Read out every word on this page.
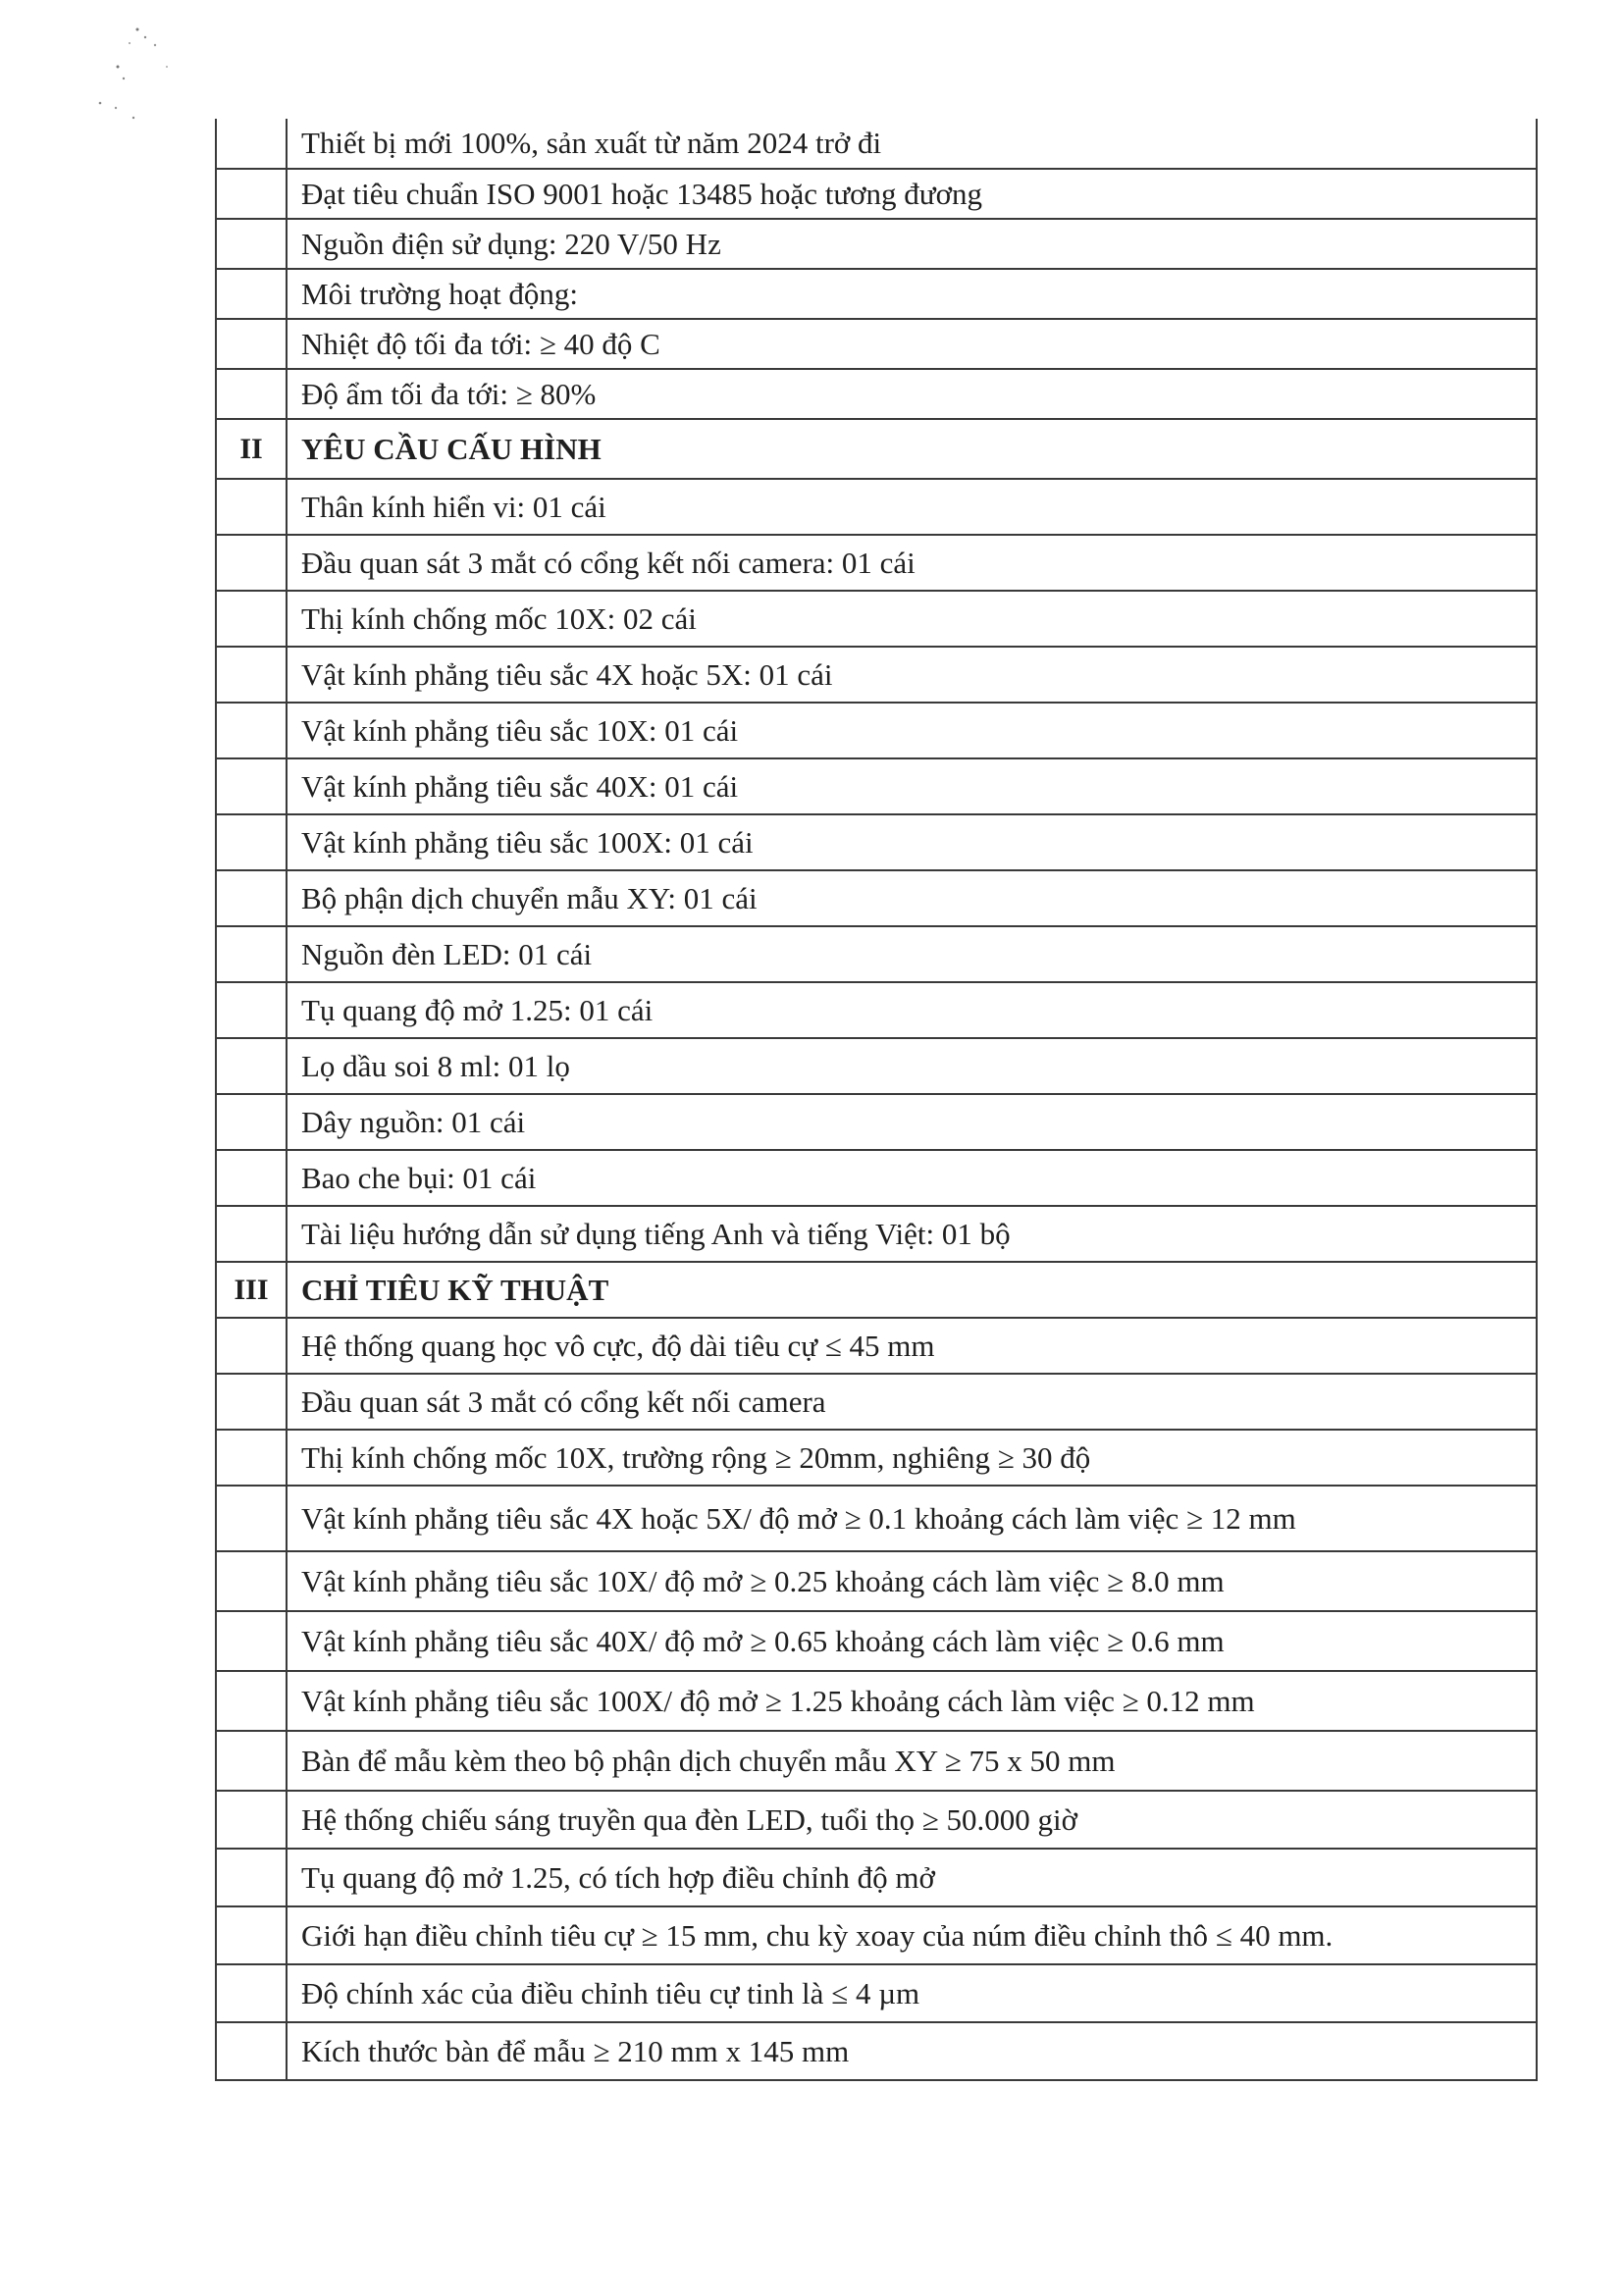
	Thiết bị mới 100%, sản xuất từ năm 2024 trở đi
	Đạt tiêu chuẩn ISO 9001 hoặc 13485 hoặc tương đương
	Nguồn điện sử dụng: 220 V/50 Hz
	Môi trường hoạt động:
	Nhiệt độ tối đa tới: ≥ 40 độ C
	Độ ẩm tối đa tới: ≥ 80%
II	YÊU CẦU CẤU HÌNH
	Thân kính hiển vi: 01 cái
	Đầu quan sát 3 mắt có cổng kết nối camera: 01 cái
	Thị kính chống mốc 10X: 02 cái
	Vật kính phẳng tiêu sắc 4X hoặc 5X: 01 cái
	Vật kính phẳng tiêu sắc 10X: 01 cái
	Vật kính phẳng tiêu sắc 40X: 01 cái
	Vật kính phẳng tiêu sắc 100X: 01 cái
	Bộ phận dịch chuyển mẫu XY: 01 cái
	Nguồn đèn LED: 01 cái
	Tụ quang độ mở 1.25: 01 cái
	Lọ dầu soi 8 ml: 01 lọ
	Dây nguồn: 01 cái
	Bao che bụi: 01 cái
	Tài liệu hướng dẫn sử dụng tiếng Anh và tiếng Việt: 01 bộ
III	CHỈ TIÊU KỸ THUẬT
	Hệ thống quang học vô cực, độ dài tiêu cự ≤ 45 mm
	Đầu quan sát 3 mắt có cổng kết nối camera
	Thị kính chống mốc 10X, trường rộng ≥ 20mm, nghiêng ≥ 30 độ
	Vật kính phẳng tiêu sắc 4X hoặc 5X/ độ mở ≥ 0.1 khoảng cách làm việc ≥ 12 mm
	Vật kính phẳng tiêu sắc 10X/ độ mở ≥ 0.25 khoảng cách làm việc ≥ 8.0 mm
	Vật kính phẳng tiêu sắc 40X/ độ mở ≥ 0.65 khoảng cách làm việc ≥ 0.6 mm
	Vật kính phẳng tiêu sắc 100X/ độ mở ≥ 1.25 khoảng cách làm việc ≥ 0.12 mm
	Bàn để mẫu kèm theo bộ phận dịch chuyển mẫu XY ≥ 75 x 50 mm
	Hệ thống chiếu sáng truyền qua đèn LED, tuổi thọ ≥ 50.000 giờ
	Tụ quang độ mở 1.25, có tích hợp điều chỉnh độ mở
	Giới hạn điều chỉnh tiêu cự ≥ 15 mm, chu kỳ xoay của núm điều chỉnh thô ≤ 40 mm.
	Độ chính xác của điều chỉnh tiêu cự tinh là ≤ 4 µm
	Kích thước bàn để mẫu ≥ 210 mm x 145 mm
